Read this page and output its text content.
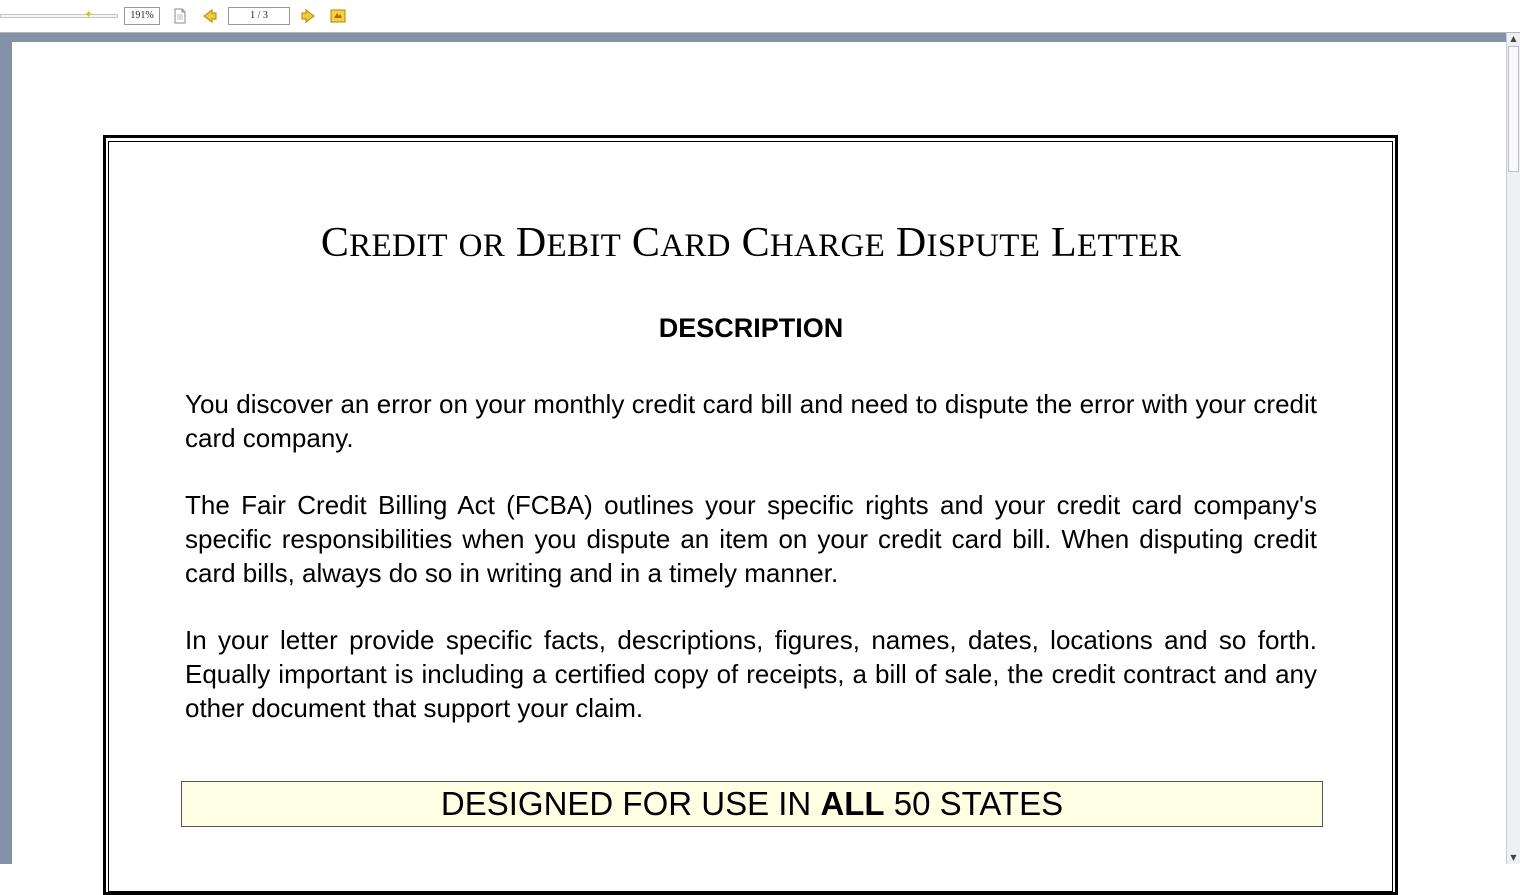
✦	191%	1 / 3
▲
▼
CREDIT OR DEBIT CARD CHARGE DISPUTE LETTER
DESCRIPTION

You discover an error on your monthly credit card bill and need to dispute the error with your credit card company.

The Fair Credit Billing Act (FCBA) outlines your specific rights and your credit card company's specific responsibilities when you dispute an item on your credit card bill. When disputing credit card bills, always do so in writing and in a timely manner.

In your letter provide specific facts, descriptions, figures, names, dates, locations and so forth. Equally important is including a certified copy of receipts, a bill of sale, the credit contract and any other document that support your claim.

DESIGNED FOR USE IN ALL 50 STATES
